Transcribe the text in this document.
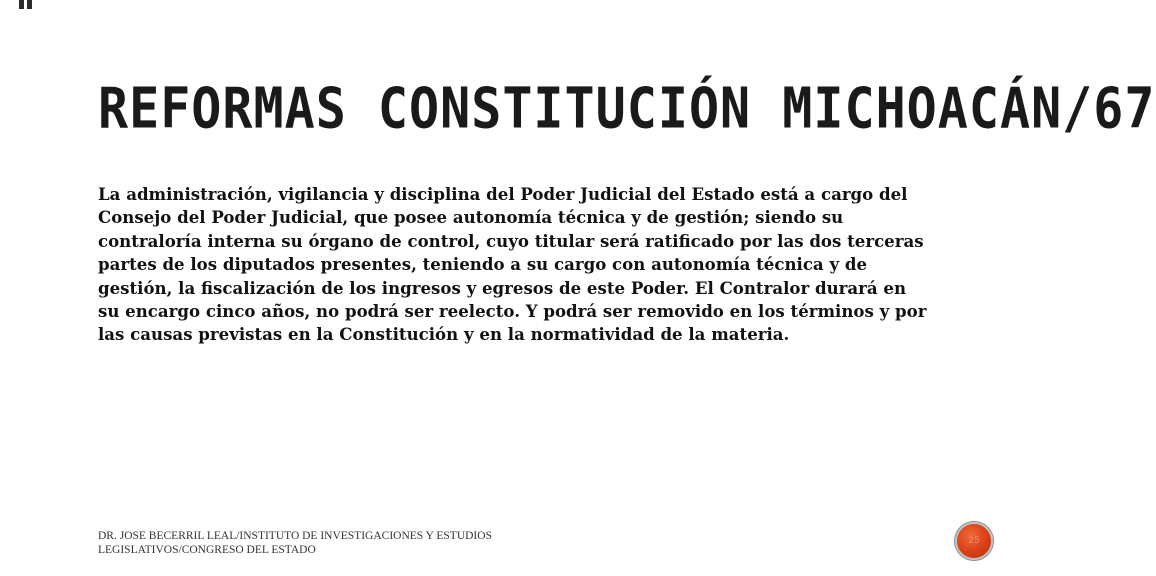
REFORMAS CONSTITUCIÓN MICHOACÁN/67

La administración, vigilancia y disciplina del Poder Judicial del Estado está a cargo del Consejo del Poder Judicial, que posee autonomía técnica y de gestión; siendo su contraloría interna su órgano de control, cuyo titular será ratificado por las dos terceras partes de los diputados presentes, teniendo a su cargo con autonomía técnica y de gestión, la fiscalización de los ingresos y egresos de este Poder. El Contralor durará en su encargo cinco años, no podrá ser reelecto. Y podrá ser removido en los términos y por las causas previstas en la Constitución y en la normatividad de la materia.

DR. JOSE BECERRIL LEAL/INSTITUTO DE INVESTIGACIONES Y ESTUDIOS LEGISLATIVOS/CONGRESO DEL ESTADO

25
